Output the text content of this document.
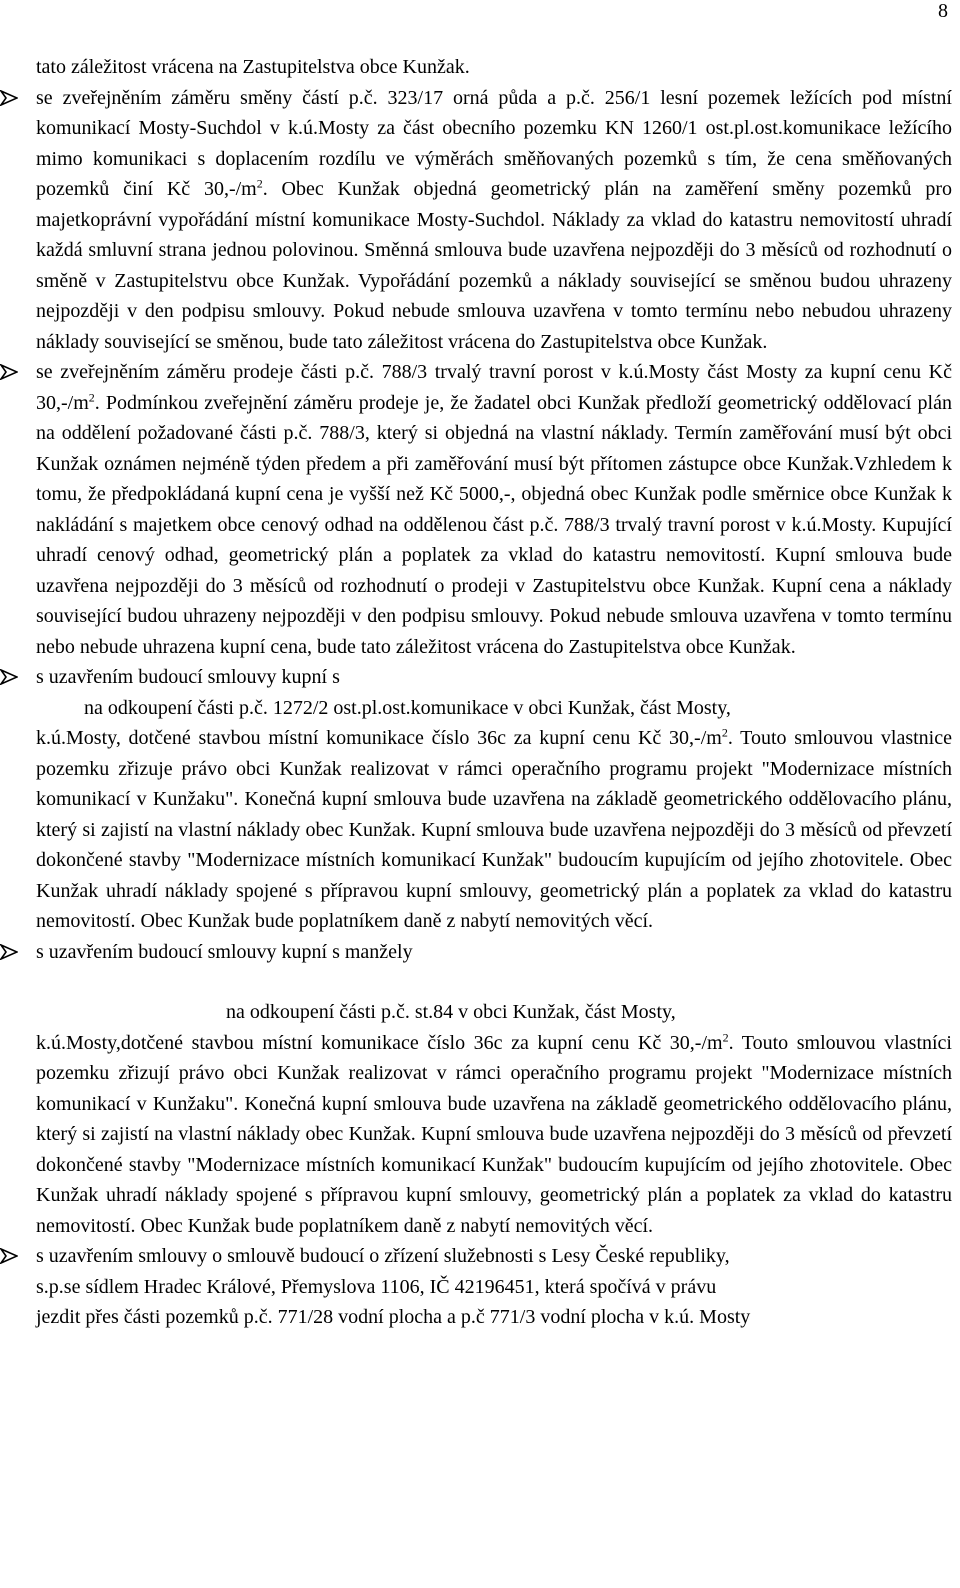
8

tato záležitost vrácena na Zastupitelstva obce Kunžak.

se zveřejněním záměru směny částí p.č. 323/17 orná půda a p.č. 256/1 lesní pozemek ležících pod místní komunikací Mosty-Suchdol v k.ú.Mosty za část obecního pozemku KN 1260/1 ost.pl.ost.komunikace ležícího mimo komunikaci s doplacením rozdílu ve výměrách směňovaných pozemků s tím, že cena směňovaných pozemků činí Kč $30,-/m^2$. Obec Kunžak objedná geometrický plán na zaměření směny pozemků pro majetkoprávní vypořádání místní komunikace Mosty-Suchdol. Náklady za vklad do katastru nemovitostí uhradí každá smluvní strana jednou polovinou. Směnná smlouva bude uzavřena nejpozději do 3 měsíců od rozhodnutí o směně v Zastupitelstvu obce Kunžak. Vypořádání pozemků a náklady související se směnou budou uhrazeny nejpozději v den podpisu smlouvy. Pokud nebude smlouva uzavřena v tomto termínu nebo nebudou uhrazeny náklady související se směnou, bude tato záležitost vrácena do Zastupitelstva obce Kunžak.
se zveřejněním záměru prodeje části p.č. 788/3 trvalý travní porost v k.ú.Mosty část Mosty za kupní cenu Kč $30,-/m^2$. Podmínkou zveřejnění záměru prodeje je, že žadatel obci Kunžak předloží geometrický oddělovací plán na oddělení požadované části p.č. 788/3, který si objedná na vlastní náklady. Termín zaměřování musí být obci Kunžak oznámen nejméně týden předem a při zaměřování musí být přítomen zástupce obce Kunžak.Vzhledem k tomu, že předpokládaná kupní cena je vyšší než Kč 5000,-, objedná obec Kunžak podle směrnice obce Kunžak k nakládání s majetkem obce cenový odhad na oddělenou část p.č. 788/3 trvalý travní porost v k.ú.Mosty. Kupující uhradí cenový odhad, geometrický plán a poplatek za vklad do katastru nemovitostí. Kupní smlouva bude uzavřena nejpozději do 3 měsíců od rozhodnutí o prodeji v Zastupitelstvu obce Kunžak. Kupní cena a náklady související budou uhrazeny nejpozději v den podpisu smlouvy. Pokud nebude smlouva uzavřena v tomto termínu nebo nebude uhrazena kupní cena, bude tato záležitost vrácena do Zastupitelstva obce Kunžak.
s uzavřením budoucí smlouvy kupní s
na odkoupení části p.č. 1272/2 ost.pl.ost.komunikace v obci Kunžak, část Mosty,
k.ú.Mosty, dotčené stavbou místní komunikace číslo 36c za kupní cenu Kč $30,-/m^2$. Touto smlouvou vlastnice pozemku zřizuje právo obci Kunžak realizovat v rámci operačního programu projekt "Modernizace místních komunikací v Kunžaku". Konečná kupní smlouva bude uzavřena na základě geometrického oddělovacího plánu, který si zajistí na vlastní náklady obec Kunžak. Kupní smlouva bude uzavřena nejpozději do 3 měsíců od převzetí dokončené stavby "Modernizace místních komunikací Kunžak" budoucím kupujícím od jejího zhotovitele. Obec Kunžak uhradí náklady spojené s přípravou kupní smlouvy, geometrický plán a poplatek za vklad do katastru nemovitostí. Obec Kunžak bude poplatníkem daně z nabytí nemovitých věcí.
s uzavřením budoucí smlouvy kupní s manžely
na odkoupení části p.č. st.84 v obci Kunžak, část Mosty,
k.ú.Mosty,dotčené stavbou místní komunikace číslo 36c za kupní cenu Kč $30,-/m^2$. Touto smlouvou vlastníci pozemku zřizují právo obci Kunžak realizovat v rámci operačního programu projekt "Modernizace místních komunikací v Kunžaku". Konečná kupní smlouva bude uzavřena na základě geometrického oddělovacího plánu, který si zajistí na vlastní náklady obec Kunžak. Kupní smlouva bude uzavřena nejpozději do 3 měsíců od převzetí dokončené stavby "Modernizace místních komunikací Kunžak" budoucím kupujícím od jejího zhotovitele. Obec Kunžak uhradí náklady spojené s přípravou kupní smlouvy, geometrický plán a poplatek za vklad do katastru nemovitostí. Obec Kunžak bude poplatníkem daně z nabytí nemovitých věcí.
s uzavřením smlouvy o smlouvě budoucí o zřízení služebnosti s Lesy České republiky,
s.p.se sídlem Hradec Králové, Přemyslova 1106, IČ 42196451, která spočívá v právu
jezdit přes části pozemků p.č. 771/28 vodní plocha a p.č 771/3 vodní plocha v k.ú. Mosty
